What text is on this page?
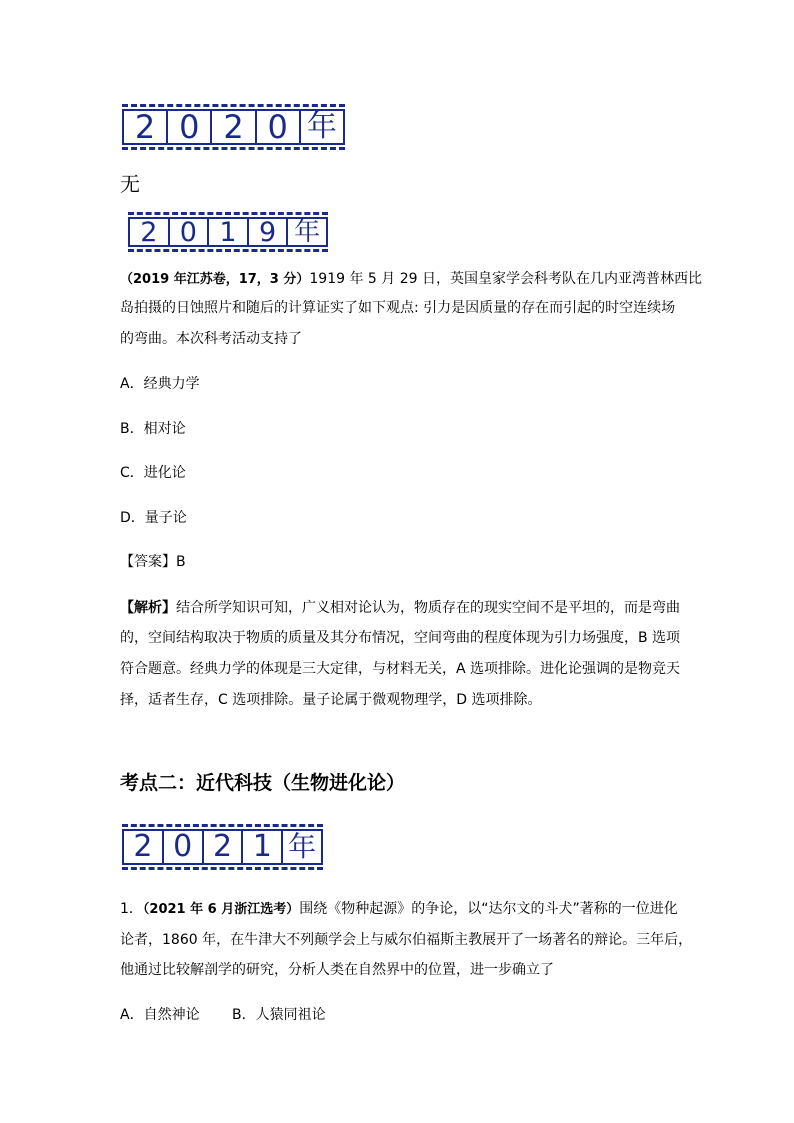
2 0 2 0 年
无
2 0 1 9 年
（2019 年江苏卷，17，3 分）1919 年 5 月 29 日，英国皇家学会科考队在几内亚湾普林西比
岛拍摄的日蚀照片和随后的计算证实了如下观点: 引力是因质量的存在而引起的时空连续场
的弯曲。本次科考活动支持了
A．经典力学
B．相对论
C．进化论
D．量子论
【答案】B
【解析】结合所学知识可知，广义相对论认为，物质存在的现实空间不是平坦的，而是弯曲
的，空间结构取决于物质的质量及其分布情况，空间弯曲的程度体现为引力场强度，B 选项
符合题意。经典力学的体现是三大定律，与材料无关，A 选项排除。进化论强调的是物竞天
择，适者生存，C 选项排除。量子论属于微观物理学，D 选项排除。
考点二：近代科技（生物进化论）
2 0 2 1 年
1．（2021 年 6 月浙江选考）围绕《物种起源》的争论，以“达尔文的斗犬”著称的一位进化
论者，1860 年，在牛津大不列颠学会上与威尔伯福斯主教展开了一场著名的辩论。三年后，
他通过比较解剖学的研究，分析人类在自然界中的位置，进一步确立了
A．自然神论 B．人猿同祖论
